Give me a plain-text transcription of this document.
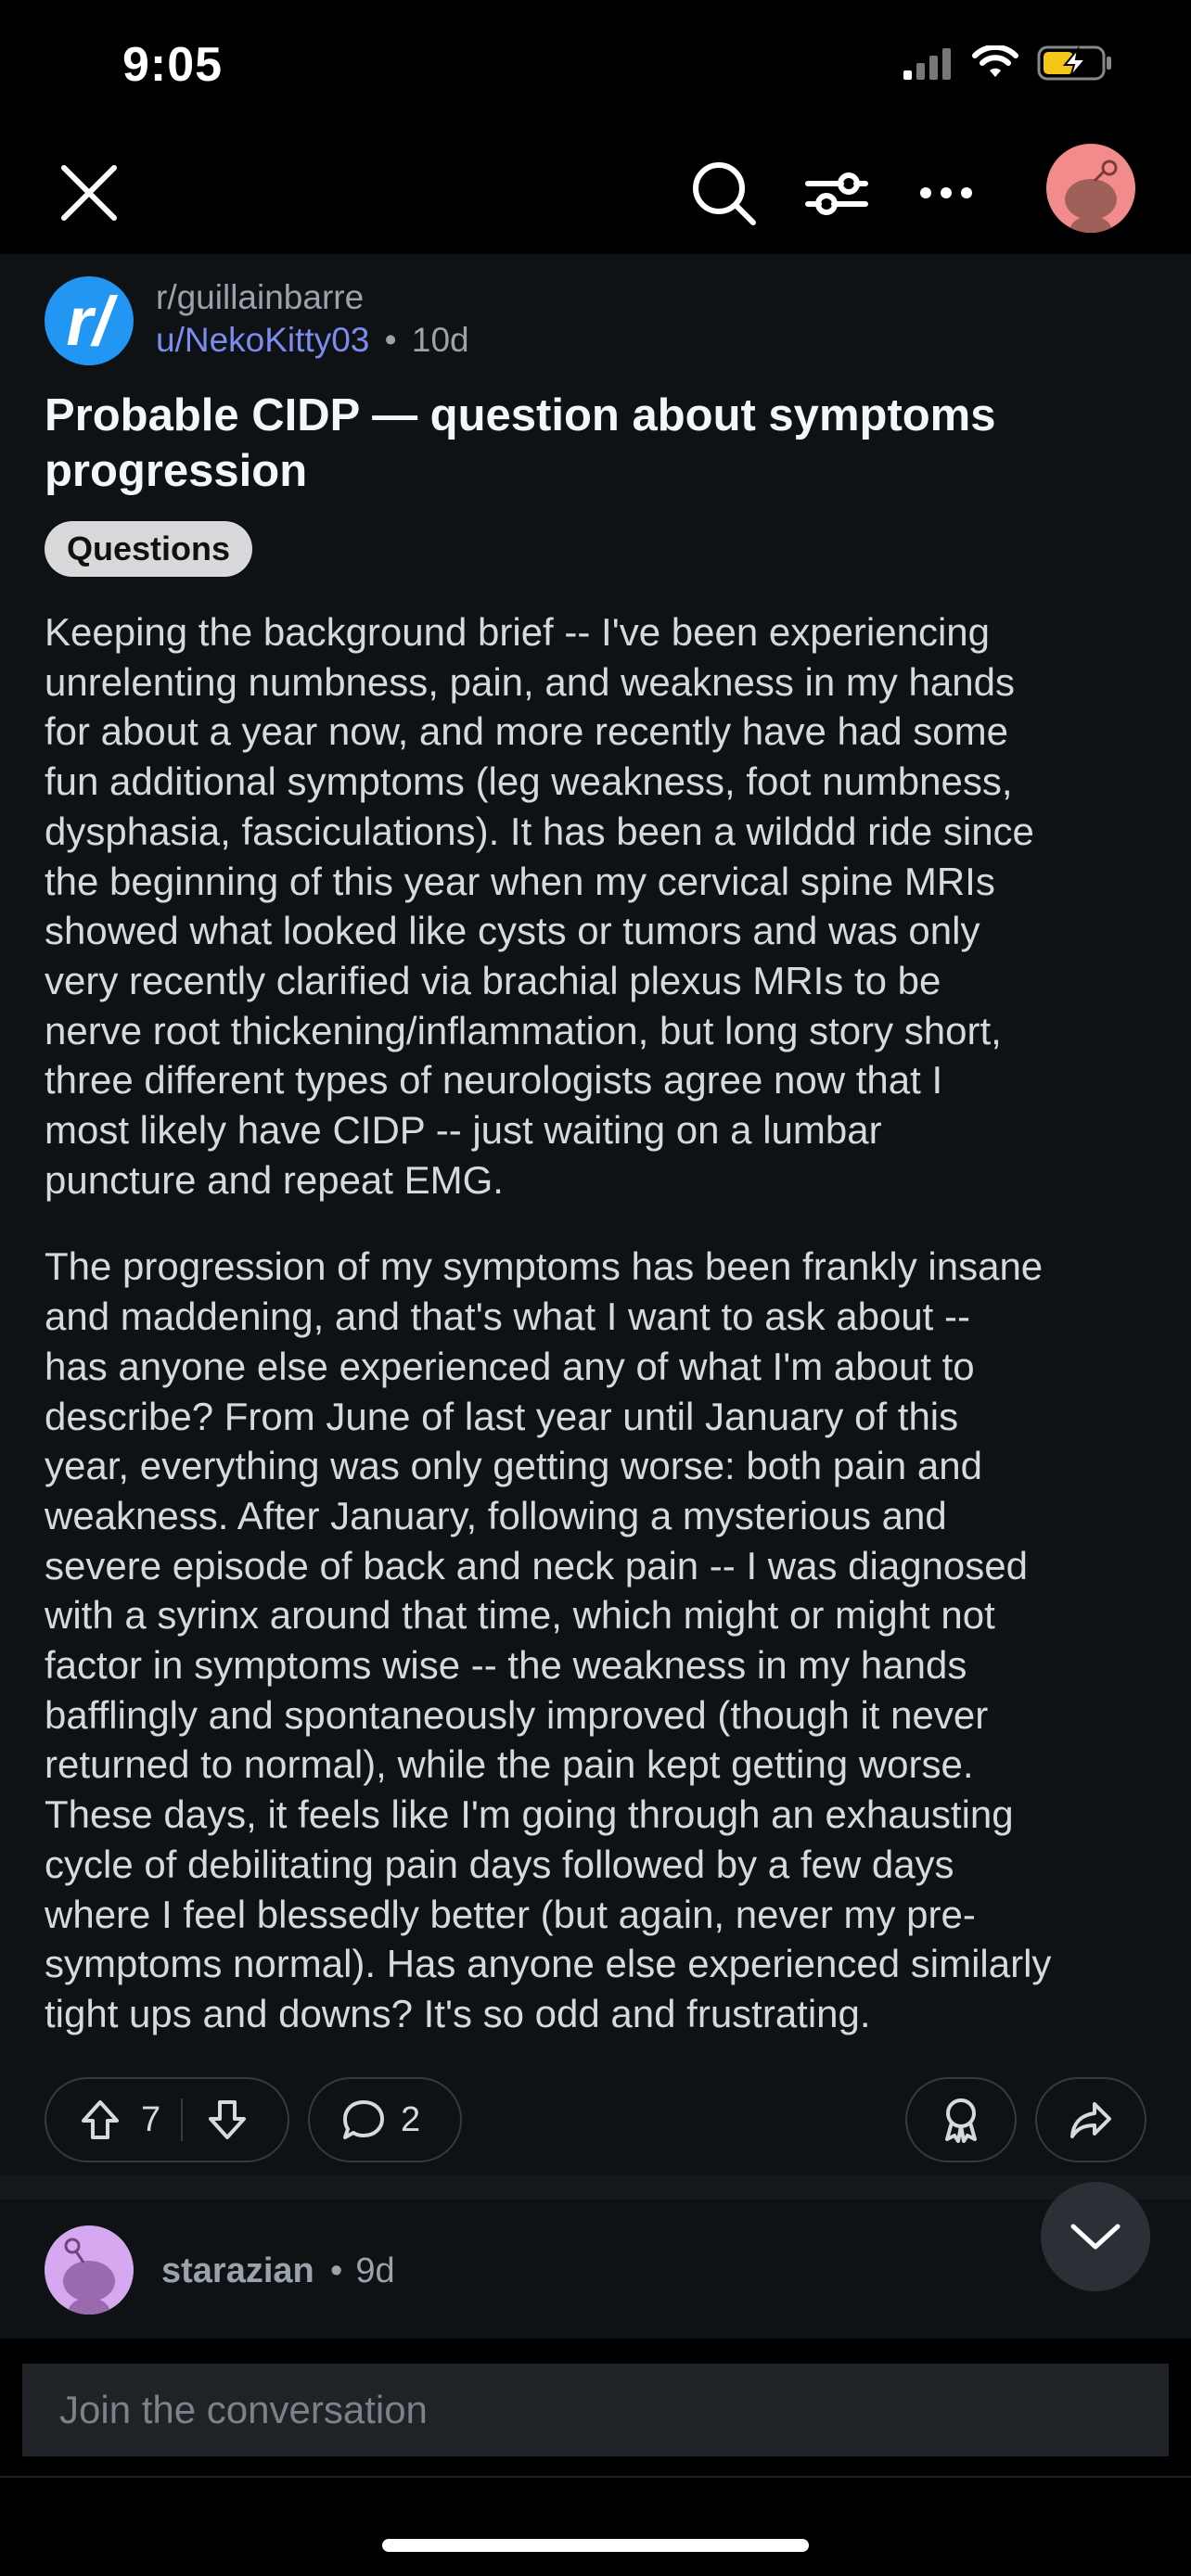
9:05
r/	r/guillainbarre
u/NekoKitty03 • 10d
Probable CIDP — question about symptoms progression
Questions

Keeping the background brief -- I've been experiencing
unrelenting numbness, pain, and weakness in my hands
for about a year now, and more recently have had some
fun additional symptoms (leg weakness, foot numbness,
dysphasia, fasciculations). It has been a wilddd ride since
the beginning of this year when my cervical spine MRIs
showed what looked like cysts or tumors and was only
very recently clarified via brachial plexus MRIs to be
nerve root thickening/inflammation, but long story short,
three different types of neurologists agree now that I
most likely have CIDP -- just waiting on a lumbar
puncture and repeat EMG.

The progression of my symptoms has been frankly insane
and maddening, and that's what I want to ask about --
has anyone else experienced any of what I'm about to
describe? From June of last year until January of this
year, everything was only getting worse: both pain and
weakness. After January, following a mysterious and
severe episode of back and neck pain -- I was diagnosed
with a syrinx around that time, which might or might not
factor in symptoms wise -- the weakness in my hands
bafflingly and spontaneously improved (though it never
returned to normal), while the pain kept getting worse.
These days, it feels like I'm going through an exhausting
cycle of debilitating pain days followed by a few days
where I feel blessedly better (but again, never my pre-
symptoms normal). Has anyone else experienced similarly
tight ups and downs? It's so odd and frustrating.

7	2
starazian • 9d
Join the conversation
